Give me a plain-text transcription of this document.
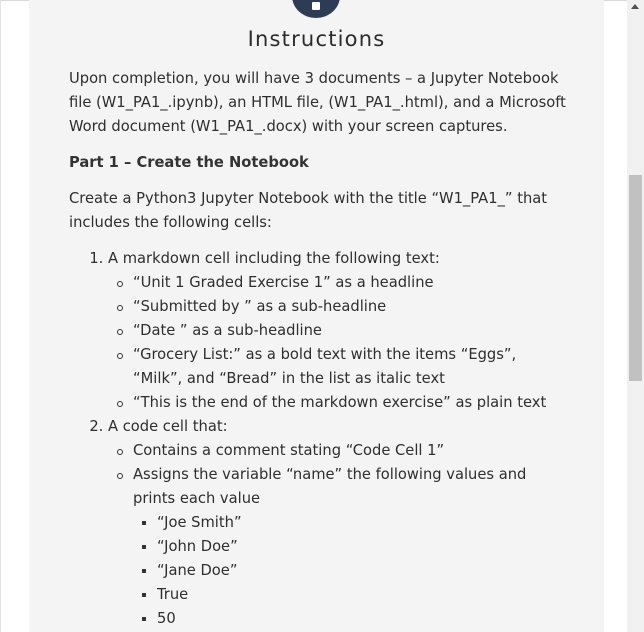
Instructions

Upon completion, you will have 3 documents – a Jupyter Notebook file (W1_PA1_.ipynb), an HTML file, (W1_PA1_.html), and a Microsoft Word document (W1_PA1_.docx) with your screen captures.

Part 1 – Create the Notebook

Create a Python3 Jupyter Notebook with the title “W1_PA1_” that includes the following cells:

1. A markdown cell including the following text:
“Unit 1 Graded Exercise 1” as a headline
“Submitted by ” as a sub-headline
“Date ” as a sub-headline
“Grocery List:” as a bold text with the items “Eggs”, “Milk”, and “Bread” in the list as italic text
“This is the end of the markdown exercise” as plain text
2. A code cell that:
Contains a comment stating “Code Cell 1”
Assigns the variable “name” the following values and prints each value
“Joe Smith”
“John Doe”
“Jane Doe”
True
50
